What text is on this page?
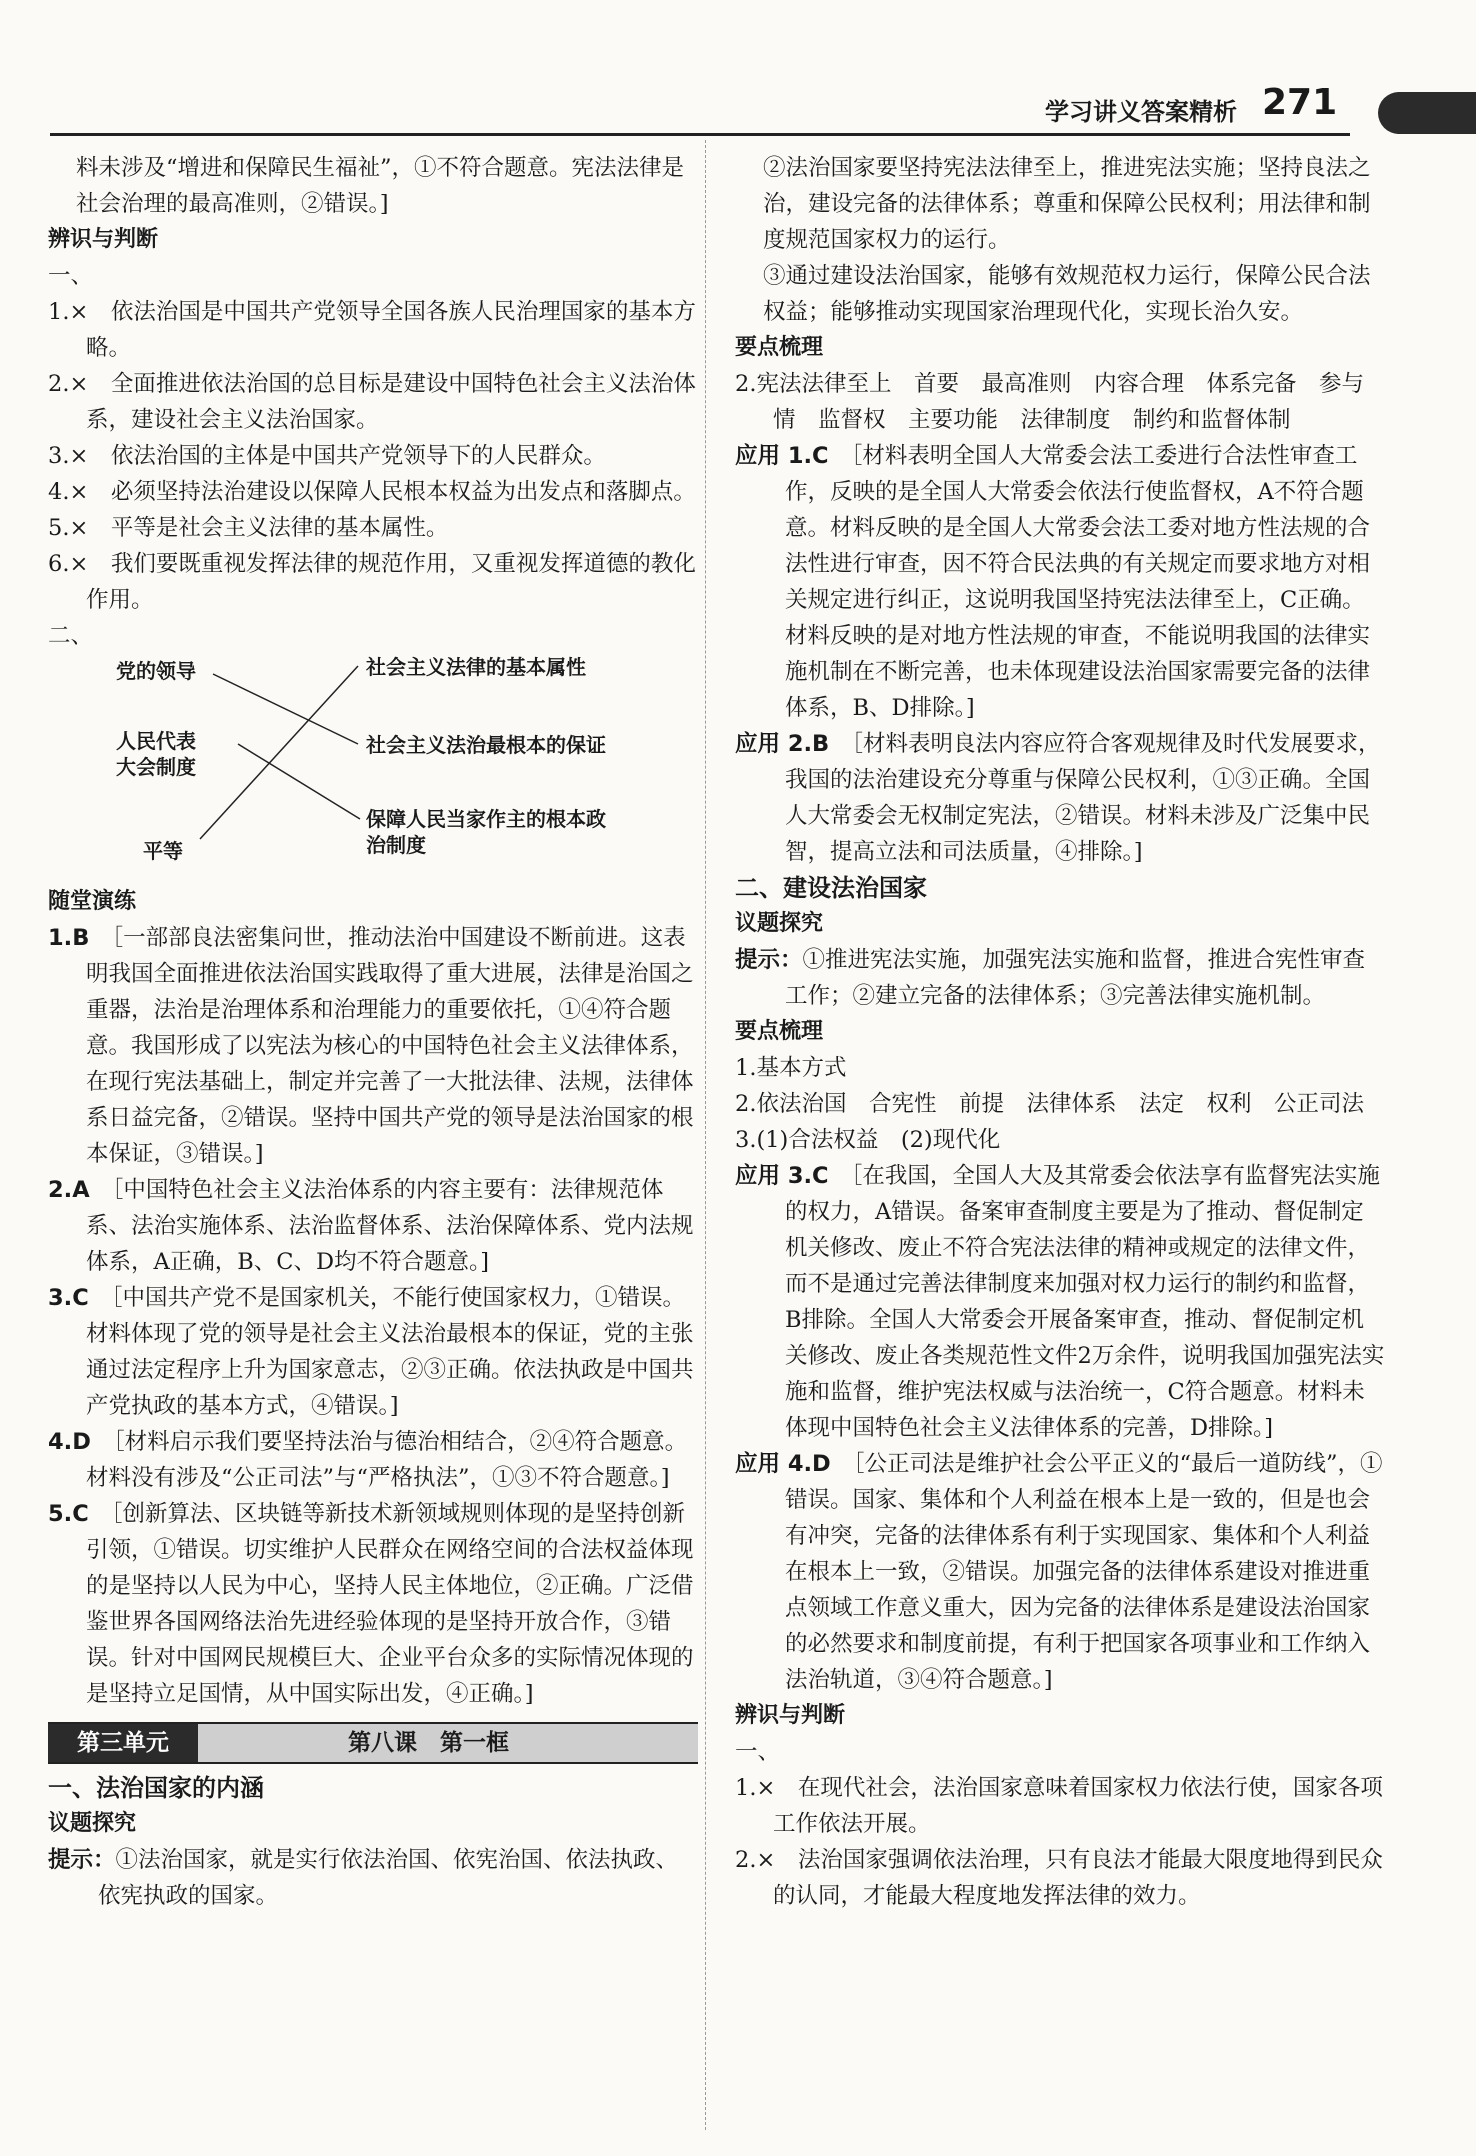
学习讲义答案精析 271

料未涉及“增进和保障民生福祉”，①不符合题意。宪法法律是社会治理的最高准则，②错误。]

辨识与判断

一、

1.×　 依法治国是中国共产党领导全国各族人民治理国家的基本方略。

2.×　 全面推进依法治国的总目标是建设中国特色社会主义法治体系，建设社会主义法治国家。

3.×　 依法治国的主体是中国共产党领导下的人民群众。

4.×　 必须坚持法治建设以保障人民根本权益为出发点和落脚点。

5.×　 平等是社会主义法律的基本属性。

6.×　 我们要既重视发挥法律的规范作用，又重视发挥道德的教化作用。

二、

党的领导
人民代表
大会制度
平等
社会主义法律的基本属性
社会主义法治最根本的保证
保障人民当家作主的根本政
治制度

随堂演练

1.B　 ［一部部良法密集问世，推动法治中国建设不断前进。这表明我国全面推进依法治国实践取得了重大进展，法律是治国之重器，法治是治理体系和治理能力的重要依托，①④符合题意。我国形成了以宪法为核心的中国特色社会主义法律体系，在现行宪法基础上，制定并完善了一大批法律、法规，法律体系日益完备，②错误。坚持中国共产党的领导是法治国家的根本保证，③错误。]

2.A　 ［中国特色社会主义法治体系的内容主要有：法律规范体系、法治实施体系、法治监督体系、法治保障体系、党内法规体系，A正确，B、C、D均不符合题意。]

3.C　 ［中国共产党不是国家机关，不能行使国家权力，①错误。材料体现了党的领导是社会主义法治最根本的保证，党的主张通过法定程序上升为国家意志，②③正确。依法执政是中国共产党执政的基本方式，④错误。]

4.D　 ［材料启示我们要坚持法治与德治相结合，②④符合题意。材料没有涉及“公正司法”与“严格执法”，①③不符合题意。]

5.C　 ［创新算法、区块链等新技术新领域规则体现的是坚持创新引领，①错误。切实维护人民群众在网络空间的合法权益体现的是坚持以人民为中心，坚持人民主体地位，②正确。广泛借鉴世界各国网络法治先进经验体现的是坚持开放合作，③错误。针对中国网民规模巨大、企业平台众多的实际情况体现的是坚持立足国情，从中国实际出发，④正确。]

第三单元	第八课　第一框

一、法治国家的内涵

议题探究

提示：①法治国家，就是实行依法治国、依宪治国、依法执政、依宪执政的国家。

②法治国家要坚持宪法法律至上，推进宪法实施；坚持良法之治，建设完备的法律体系；尊重和保障公民权利；用法律和制度规范国家权力的运行。

③通过建设法治国家，能够有效规范权力运行，保障公民合法权益；能够推动实现国家治理现代化，实现长治久安。

要点梳理

2.宪法法律至上　首要　最高准则　内容合理　体系完备　参与情　监督权　主要功能　法律制度　制约和监督体制

应用 1.C　 ［材料表明全国人大常委会法工委进行合法性审查工作，反映的是全国人大常委会依法行使监督权，A不符合题意。材料反映的是全国人大常委会法工委对地方性法规的合法性进行审查，因不符合民法典的有关规定而要求地方对相关规定进行纠正，这说明我国坚持宪法法律至上，C正确。材料反映的是对地方性法规的审查，不能说明我国的法律实施机制在不断完善，也未体现建设法治国家需要完备的法律体系，B、D排除。]

应用 2.B　 ［材料表明良法内容应符合客观规律及时代发展要求，我国的法治建设充分尊重与保障公民权利，①③正确。全国人大常委会无权制定宪法，②错误。材料未涉及广泛集中民智，提高立法和司法质量，④排除。]

二、建设法治国家

议题探究

提示：①推进宪法实施，加强宪法实施和监督，推进合宪性审查工作；②建立完备的法律体系；③完善法律实施机制。

要点梳理

1.基本方式

2.依法治国　合宪性　前提　法律体系　法定　权利　公正司法

3.(1)合法权益　(2)现代化

应用 3.C　 ［在我国，全国人大及其常委会依法享有监督宪法实施的权力，A错误。备案审查制度主要是为了推动、督促制定机关修改、废止不符合宪法法律的精神或规定的法律文件，而不是通过完善法律制度来加强对权力运行的制约和监督，B排除。全国人大常委会开展备案审查，推动、督促制定机关修改、废止各类规范性文件2万余件，说明我国加强宪法实施和监督，维护宪法权威与法治统一，C符合题意。材料未体现中国特色社会主义法律体系的完善，D排除。]

应用 4.D　 ［公正司法是维护社会公平正义的“最后一道防线”，①错误。国家、集体和个人利益在根本上是一致的，但是也会有冲突，完备的法律体系有利于实现国家、集体和个人利益在根本上一致，②错误。加强完备的法律体系建设对推进重点领域工作意义重大，因为完备的法律体系是建设法治国家的必然要求和制度前提，有利于把国家各项事业和工作纳入法治轨道，③④符合题意。]

辨识与判断

一、

1.×　 在现代社会，法治国家意味着国家权力依法行使，国家各项工作依法开展。

2.×　 法治国家强调依法治理，只有良法才能最大限度地得到民众的认同，才能最大程度地发挥法律的效力。
